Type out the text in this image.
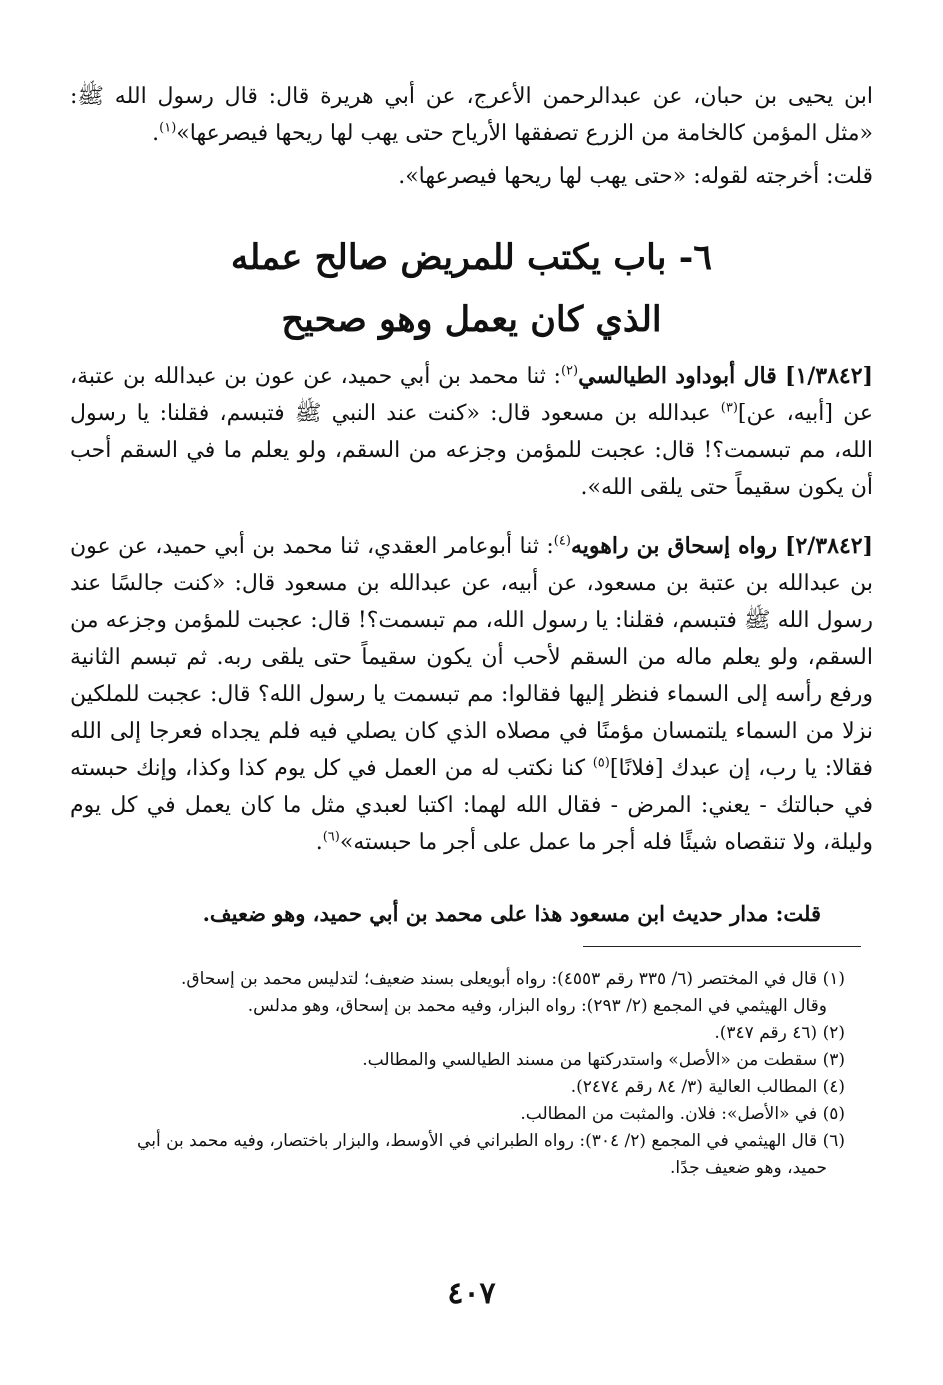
ابن يحيى بن حبان، عن عبدالرحمن الأعرج، عن أبي هريرة قال: قال رسول الله ﷺ: «مثل المؤمن كالخامة من الزرع تصفقها الأرياح حتى يهب لها ريحها فيصرعها»$^{(١)}$.

قلت: أخرجته لقوله: «حتى يهب لها ريحها فيصرعها».

٦- باب يكتب للمريض صالح عمله
الذي كان يعمل وهو صحيح

[١/٣٨٤٢] قال أبوداود الطيالسي$^{(٢)}$: ثنا محمد بن أبي حميد، عن عون بن عبدالله بن عتبة، عن [أبيه، عن]$^{(٣)}$ عبدالله بن مسعود قال: «كنت عند النبي ﷺ فتبسم، فقلنا: يا رسول الله، مم تبسمت؟! قال: عجبت للمؤمن وجزعه من السقم، ولو يعلم ما في السقم أحب أن يكون سقيماً حتى يلقى الله».

[٢/٣٨٤٢] رواه إسحاق بن راهويه$^{(٤)}$: ثنا أبوعامر العقدي، ثنا محمد بن أبي حميد، عن عون بن عبدالله بن عتبة بن مسعود، عن أبيه، عن عبدالله بن مسعود قال: «كنت جالسًا عند رسول الله ﷺ فتبسم، فقلنا: يا رسول الله، مم تبسمت؟! قال: عجبت للمؤمن وجزعه من السقم، ولو يعلم ماله من السقم لأحب أن يكون سقيماً حتى يلقى ربه. ثم تبسم الثانية ورفع رأسه إلى السماء فنظر إليها فقالوا: مم تبسمت يا رسول الله؟ قال: عجبت للملكين نزلا من السماء يلتمسان مؤمنًا في مصلاه الذي كان يصلي فيه فلم يجداه فعرجا إلى الله فقالا: يا رب، إن عبدك [فلانًا]$^{(٥)}$ كنا نكتب له من العمل في كل يوم كذا وكذا، وإنك حبسته في حبالتك - يعني: المرض - فقال الله لهما: اكتبا لعبدي مثل ما كان يعمل في كل يوم وليلة، ولا تنقصاه شيئًا فله أجر ما عمل على أجر ما حبسته»$^{(٦)}$.

قلت: مدار حديث ابن مسعود هذا على محمد بن أبي حميد، وهو ضعيف.

(١) قال في المختصر (٦/ ٣٣٥ رقم ٤٥٥٣): رواه أبويعلى بسند ضعيف؛ لتدليس محمد بن إسحاق.

وقال الهيثمي في المجمع (٢/ ٢٩٣): رواه البزار، وفيه محمد بن إسحاق، وهو مدلس.

(٢) (٤٦ رقم ٣٤٧).

(٣) سقطت من «الأصل» واستدركتها من مسند الطيالسي والمطالب.

(٤) المطالب العالية (٣/ ٨٤ رقم ٢٤٧٤).

(٥) في «الأصل»: فلان. والمثبت من المطالب.

(٦) قال الهيثمي في المجمع (٢/ ٣٠٤): رواه الطبراني في الأوسط، والبزار باختصار، وفيه محمد بن أبي

حميد، وهو ضعيف جدًا.

٤٠٧
